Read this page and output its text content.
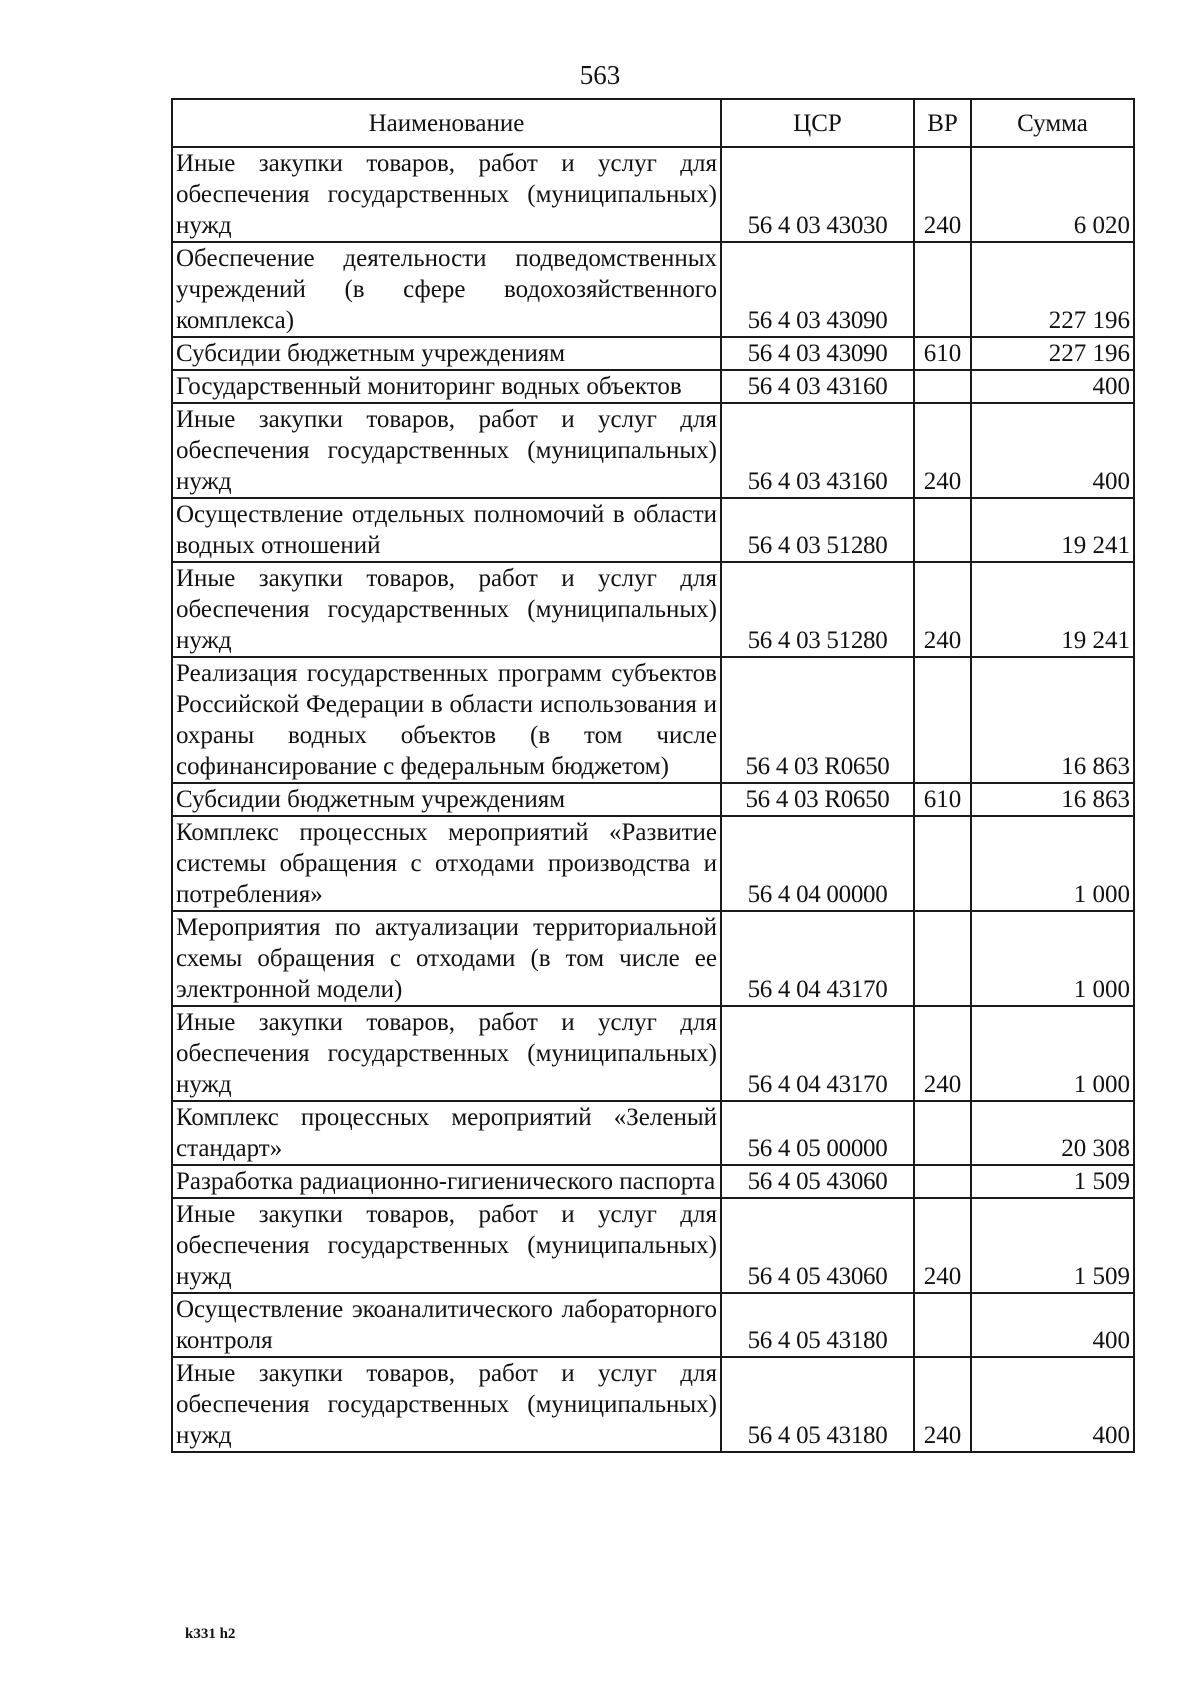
563
Наименование	ЦСР	ВР	Сумма
Иные закупки товаров, работ и услуг для обеспечения государственных (муниципальных) нужд	56 4 03 43030	240	6 020
Обеспечение деятельности подведомственных учреждений (в сфере водохозяйственного комплекса)	56 4 03 43090		227 196
Субсидии бюджетным учреждениям	56 4 03 43090	610	227 196
Государственный мониторинг водных объектов	56 4 03 43160		400
Иные закупки товаров, работ и услуг для обеспечения государственных (муниципальных) нужд	56 4 03 43160	240	400
Осуществление отдельных полномочий в области водных отношений	56 4 03 51280		19 241
Иные закупки товаров, работ и услуг для обеспечения государственных (муниципальных) нужд	56 4 03 51280	240	19 241
Реализация государственных программ субъектов Российской Федерации в области использования и охраны водных объектов (в том числе софинансирование с федеральным бюджетом)	56 4 03 R0650		16 863
Субсидии бюджетным учреждениям	56 4 03 R0650	610	16 863
Комплекс процессных мероприятий «Развитие системы обращения с отходами производства и потребления»	56 4 04 00000		1 000
Мероприятия по актуализации территориальной схемы обращения с отходами (в том числе ее электронной модели)	56 4 04 43170		1 000
Иные закупки товаров, работ и услуг для обеспечения государственных (муниципальных) нужд	56 4 04 43170	240	1 000
Комплекс процессных мероприятий «Зеленый стандарт»	56 4 05 00000		20 308
Разработка радиационно-гигиенического паспорта	56 4 05 43060		1 509
Иные закупки товаров, работ и услуг для обеспечения государственных (муниципальных) нужд	56 4 05 43060	240	1 509
Осуществление экоаналитического лабораторного контроля	56 4 05 43180		400
Иные закупки товаров, работ и услуг для обеспечения государственных (муниципальных) нужд	56 4 05 43180	240	400
k331 h2
